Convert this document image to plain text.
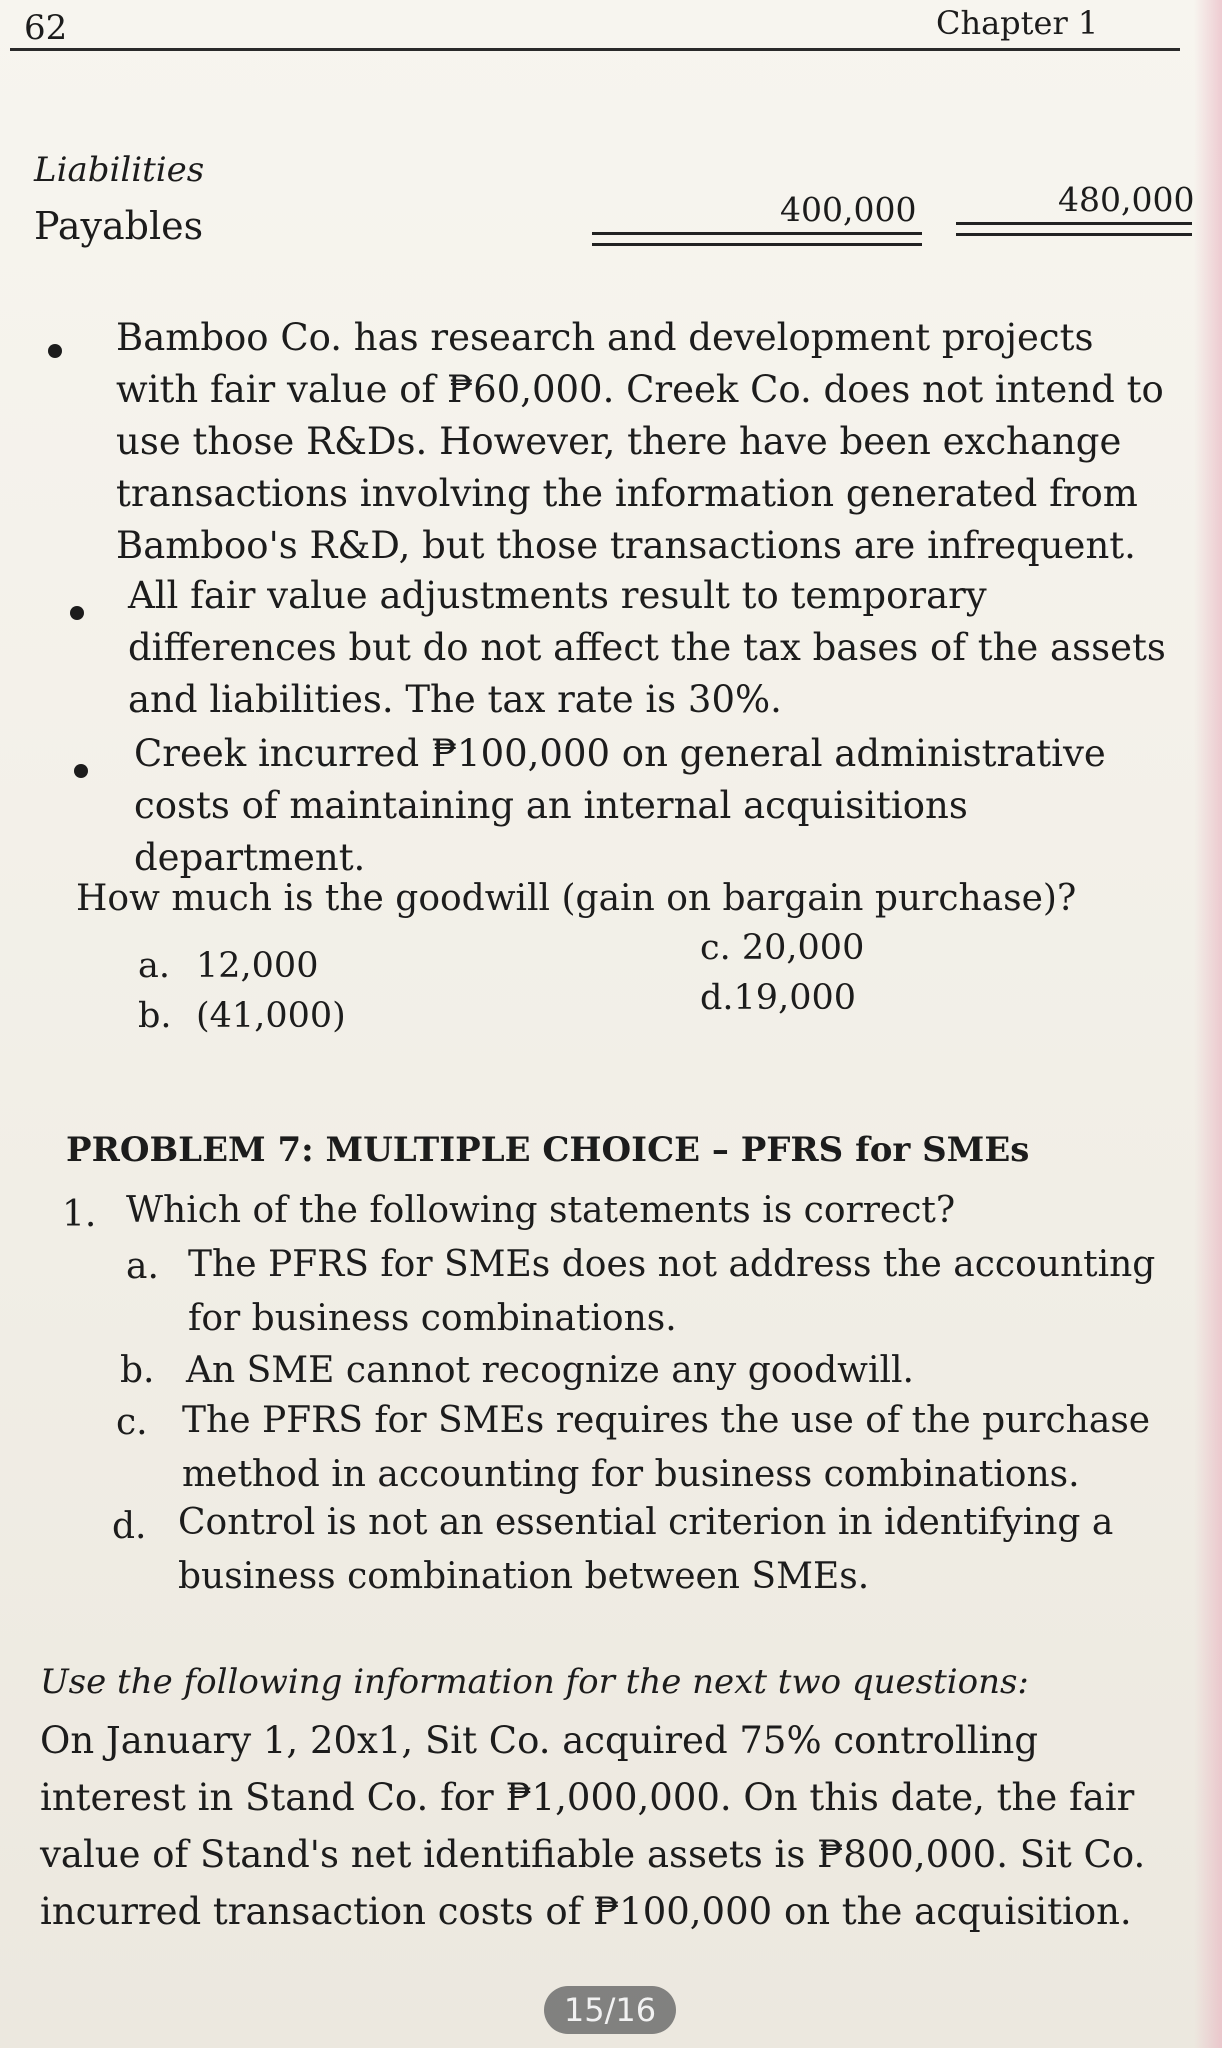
62	Chapter 1
Liabilities
Payables	400,000	480,000
Bamboo Co. has research and development projects with fair value of ₱60,000. Creek Co. does not intend to use those R&Ds. However, there have been exchange transactions involving the information generated from Bamboo's R&D, but those transactions are infrequent.
All fair value adjustments result to temporary differences but do not affect the tax bases of the assets and liabilities. The tax rate is 30%.
Creek incurred ₱100,000 on general administrative costs of maintaining an internal acquisitions department.
How much is the goodwill (gain on bargain purchase)?
a. 12,000
b. (41,000)
c. 20,000
d.19,000
PROBLEM 7: MULTIPLE CHOICE – PFRS for SMEs
1. Which of the following statements is correct?
a. The PFRS for SMEs does not address the accounting for business combinations.
b. An SME cannot recognize any goodwill.
c. The PFRS for SMEs requires the use of the purchase method in accounting for business combinations.
d. Control is not an essential criterion in identifying a business combination between SMEs.
Use the following information for the next two questions:
On January 1, 20x1, Sit Co. acquired 75% controlling interest in Stand Co. for ₱1,000,000. On this date, the fair value of Stand's net identifiable assets is ₱800,000. Sit Co. incurred transaction costs of ₱100,000 on the acquisition.
15/16
